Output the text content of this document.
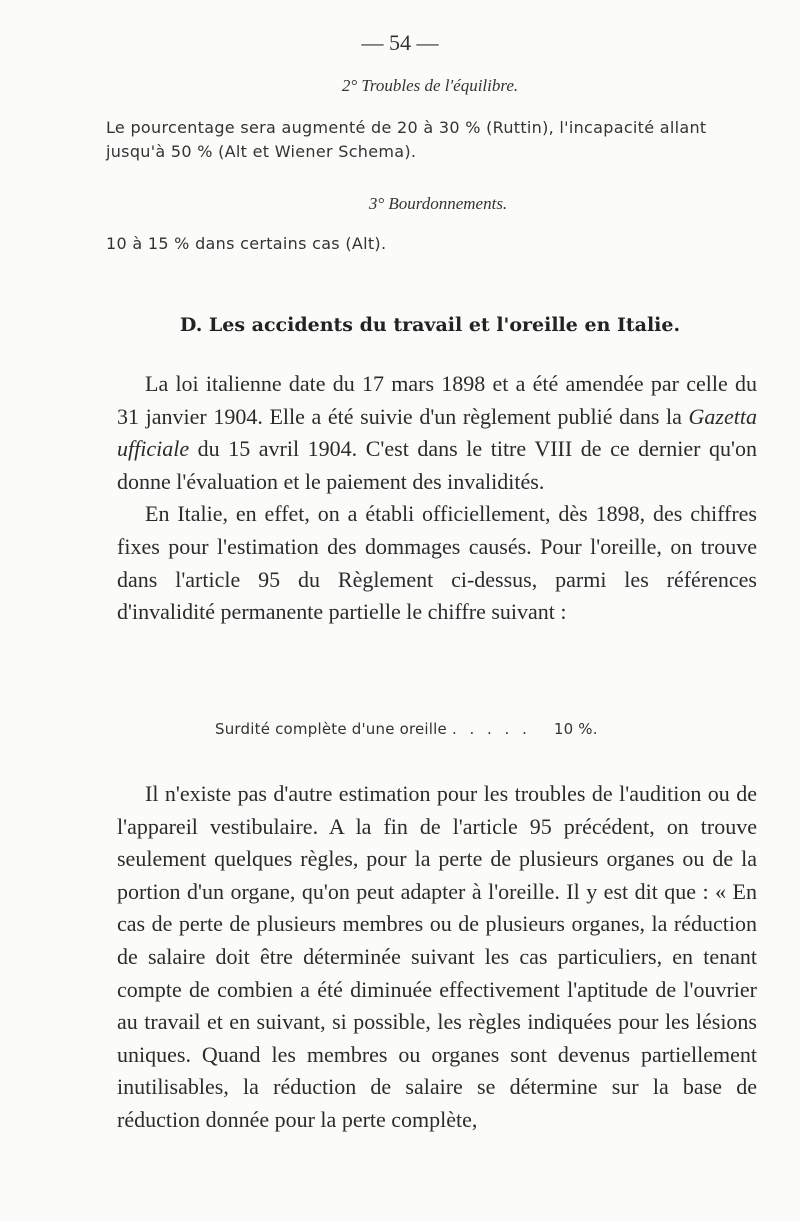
— 54 —
2° Troubles de l'équilibre.
Le pourcentage sera augmenté de 20 à 30 % (Ruttin), l'incapacité allant jusqu'à 50 % (Alt et Wiener Schema).
3° Bourdonnements.
10 à 15 % dans certains cas (Alt).
D. Les accidents du travail et l'oreille en Italie.

La loi italienne date du 17 mars 1898 et a été amendée par celle du 31 janvier 1904. Elle a été suivie d'un règlement publié dans la Gazetta ufficiale du 15 avril 1904. C'est dans le titre VIII de ce dernier qu'on donne l'évaluation et le paiement des invalidités.

En Italie, en effet, on a établi officiellement, dès 1898, des chiffres fixes pour l'estimation des dommages causés. Pour l'oreille, on trouve dans l'article 95 du Règlement ci-dessus, parmi les références d'invalidité permanente partielle le chiffre suivant :

Surdité complète d'une oreille . . . . . 10 %.

Il n'existe pas d'autre estimation pour les troubles de l'audition ou de l'appareil vestibulaire. A la fin de l'article 95 précédent, on trouve seulement quelques règles, pour la perte de plusieurs organes ou de la portion d'un organe, qu'on peut adapter à l'oreille. Il y est dit que : « En cas de perte de plusieurs membres ou de plusieurs organes, la réduction de salaire doit être déterminée suivant les cas particuliers, en tenant compte de combien a été diminuée effectivement l'aptitude de l'ouvrier au travail et en suivant, si possible, les règles indiquées pour les lésions uniques. Quand les membres ou organes sont devenus partiellement inutilisables, la réduction de salaire se détermine sur la base de réduction donnée pour la perte complète,
